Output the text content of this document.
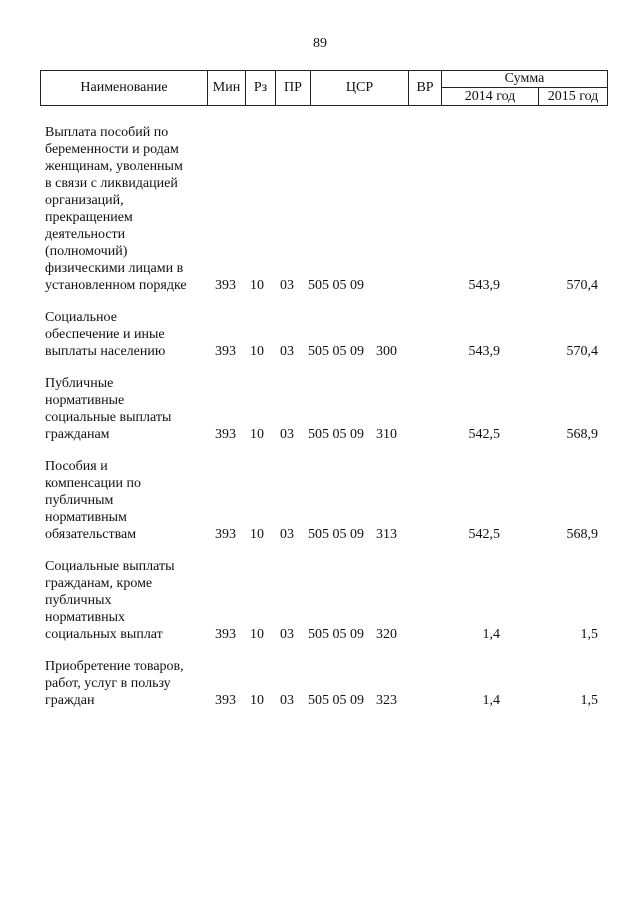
89
Наименование	Мин Рз	ПР	ЦСР	ВР
Сумма
2014 год	2015 год
Выплата пособий по
беременности и родам
женщинам, уволенным
в связи с ликвидацией
организаций,
прекращением
деятельности
(полномочий)
физическими лицами в
установленном порядке	393 10 03 505 05 09	543,9	570,4
Социальное
обеспечение и иные
выплаты населению	393 10 03 505 05 09 300	543,9	570,4
Публичные
нормативные
социальные выплаты
гражданам	393 10 03 505 05 09 310	542,5	568,9
Пособия и
компенсации по
публичным
нормативным
обязательствам	393 10 03 505 05 09 313	542,5	568,9
Социальные выплаты
гражданам, кроме
публичных
нормативных
социальных выплат	393 10 03 505 05 09 320	1,4	1,5
Приобретение товаров,
работ, услуг в пользу
граждан	393 10 03 505 05 09 323	1,4	1,5
